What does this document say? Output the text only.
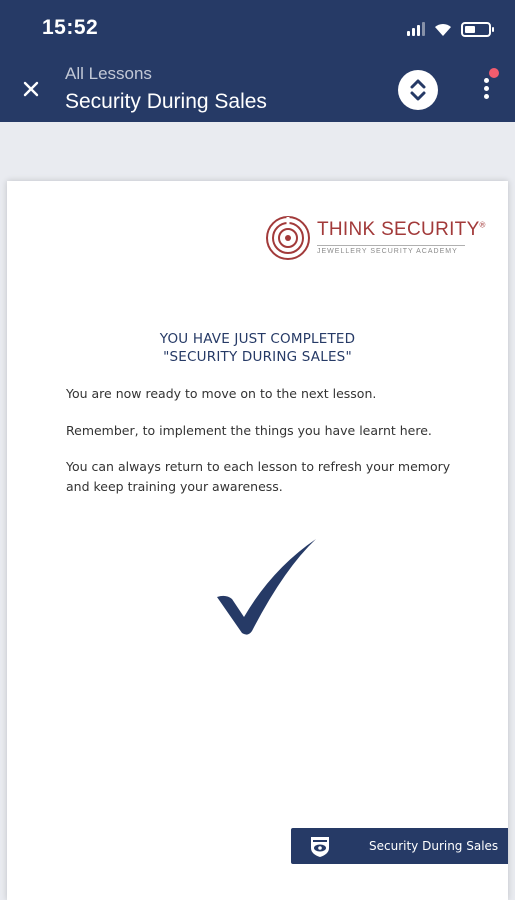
15:52
All Lessons
Security During Sales
THINK SECURITY®
JEWELLERY SECURITY ACADEMY
YOU HAVE JUST COMPLETED
"SECURITY DURING SALES"
You are now ready to move on to the next lesson.
Remember, to implement the things you have learnt here.
You can always return to each lesson to refresh your memory and keep training your awareness.
Security During Sales
